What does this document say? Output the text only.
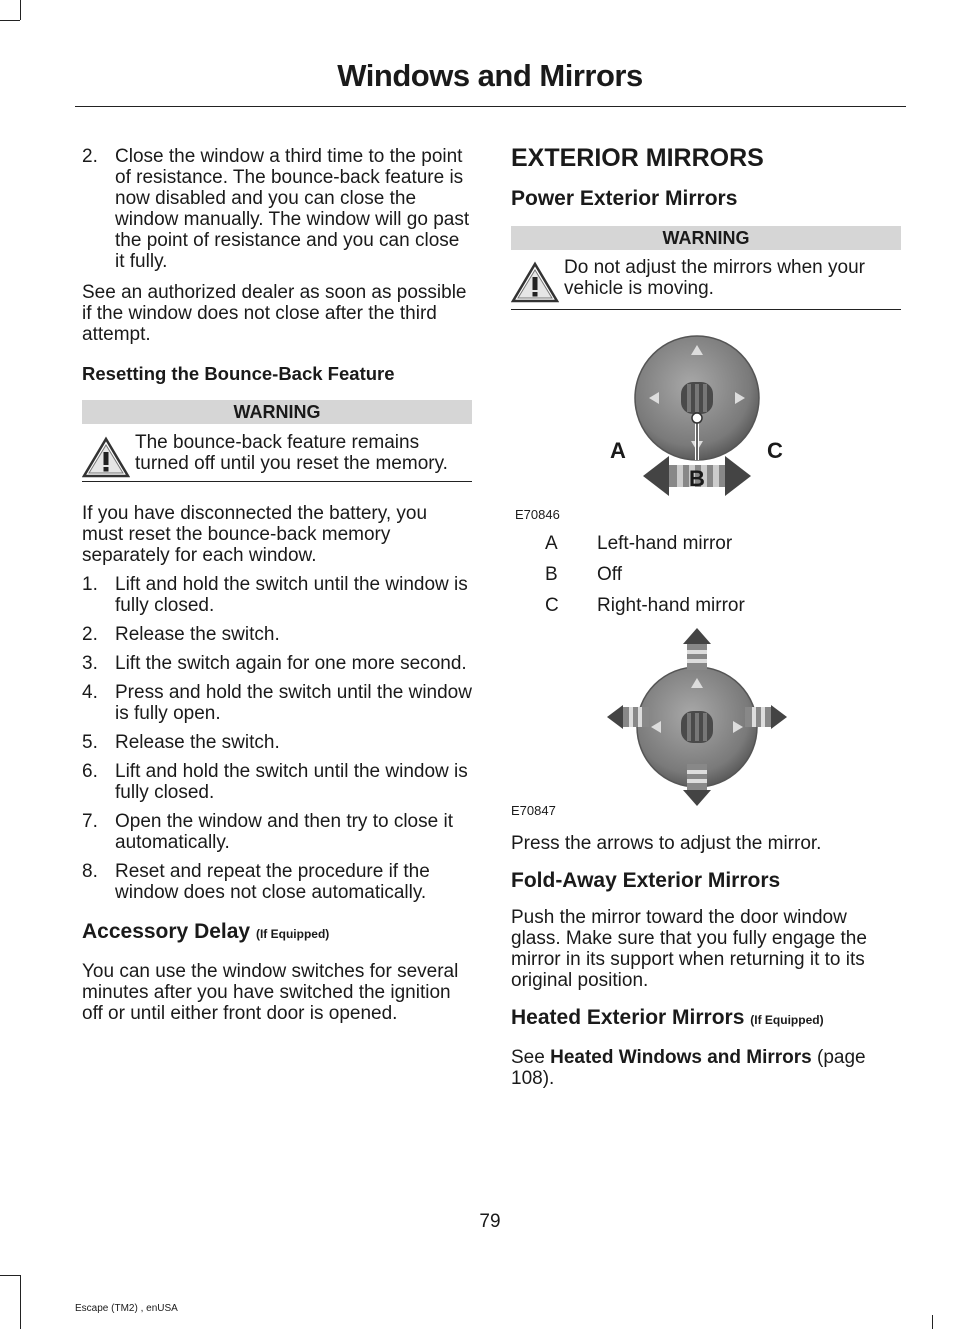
Windows and Mirrors
2. Close the window a third time to the point of resistance. The bounce-back feature is now disabled and you can close the window manually. The window will go past the point of resistance and you can close it fully.

See an authorized dealer as soon as possible if the window does not close after the third attempt.

Resetting the Bounce-Back Feature

WARNING

The bounce-back feature remains turned off until you reset the memory.

If you have disconnected the battery, you must reset the bounce-back memory separately for each window.

1. Lift and hold the switch until the window is fully closed.
2. Release the switch.
3. Lift the switch again for one more second.
4. Press and hold the switch until the window is fully open.
5. Release the switch.
6. Lift and hold the switch until the window is fully closed.
7. Open the window and then try to close it automatically.
8. Reset and repeat the procedure if the window does not close automatically.

Accessory Delay (If Equipped)

You can use the window switches for several minutes after you have switched the ignition off or until either front door is opened.

EXTERIOR MIRRORS

Power Exterior Mirrors

WARNING

Do not adjust the mirrors when your vehicle is moving.

A
B
C
E70846
A Left-hand mirror
B Off
C Right-hand mirror
E70847

Press the arrows to adjust the mirror.

Fold-Away Exterior Mirrors

Push the mirror toward the door window glass. Make sure that you fully engage the mirror in its support when returning it to its original position.

Heated Exterior Mirrors (If Equipped)

See Heated Windows and Mirrors (page 108).

79
Escape (TM2) , enUSA
